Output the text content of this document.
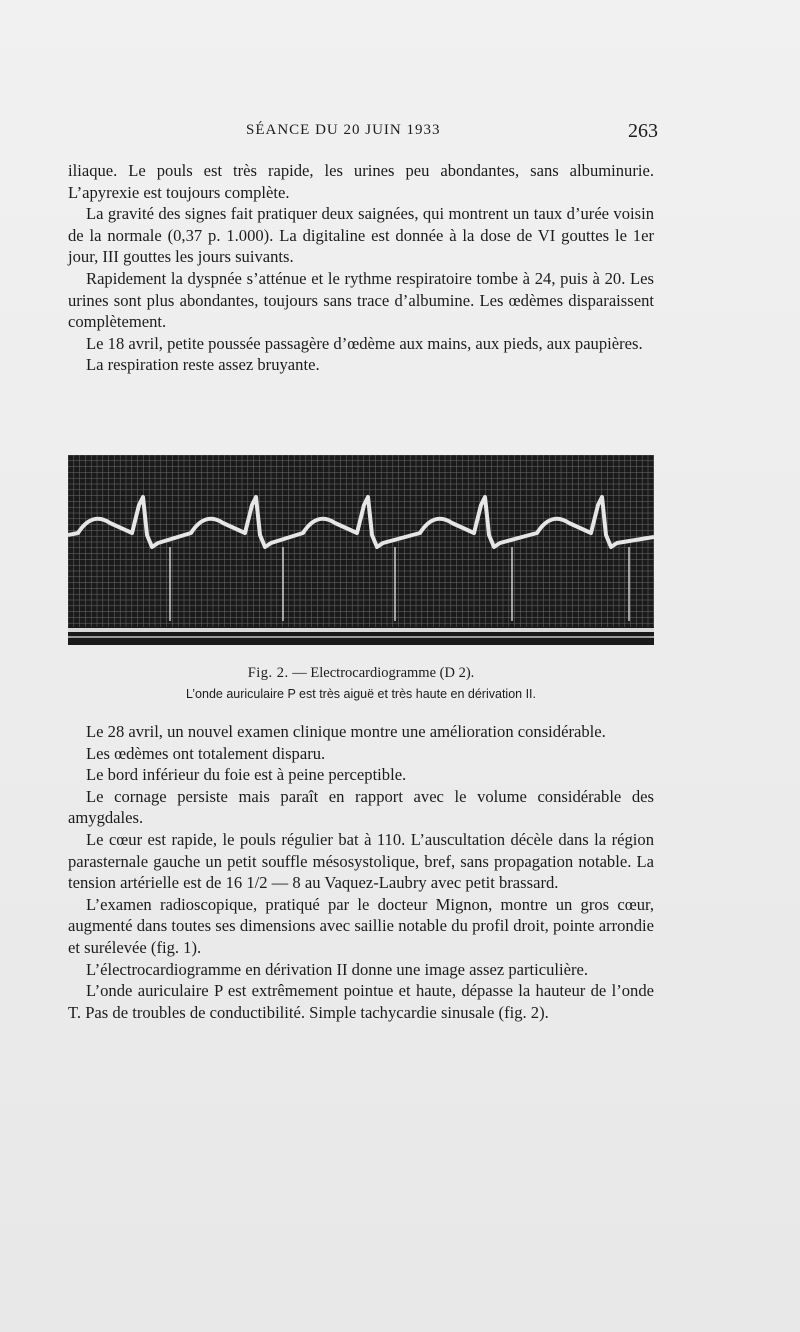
SÉANCE DU 20 JUIN 1933	263

iliaque. Le pouls est très rapide, les urines peu abondantes, sans albuminurie. L’apyrexie est toujours complète.

La gravité des signes fait pratiquer deux saignées, qui montrent un taux d’urée voisin de la normale (0,37 p. 1.000). La digitaline est donnée à la dose de VI gouttes le 1er jour, III gouttes les jours suivants.

Rapidement la dyspnée s’atténue et le rythme respiratoire tombe à 24, puis à 20. Les urines sont plus abondantes, toujours sans trace d’albumine. Les œdèmes disparaissent complètement.

Le 18 avril, petite poussée passagère d’œdème aux mains, aux pieds, aux paupières.

La respiration reste assez bruyante.

Fig. 2. — Electrocardiogramme (D 2).
L’onde auriculaire P est très aiguë et très haute en dérivation II.

Le 28 avril, un nouvel examen clinique montre une amélioration considérable.

Les œdèmes ont totalement disparu.

Le bord inférieur du foie est à peine perceptible.

Le cornage persiste mais paraît en rapport avec le volume considérable des amygdales.

Le cœur est rapide, le pouls régulier bat à 110. L’auscultation décèle dans la région parasternale gauche un petit souffle mésosystolique, bref, sans propagation notable. La tension artérielle est de 16 1/2 — 8 au Vaquez-Laubry avec petit brassard.

L’examen radioscopique, pratiqué par le docteur Mignon, montre un gros cœur, augmenté dans toutes ses dimensions avec saillie notable du profil droit, pointe arrondie et surélevée (fig. 1).

L’électrocardiogramme en dérivation II donne une image assez particulière.

L’onde auriculaire P est extrêmement pointue et haute, dépasse la hauteur de l’onde T. Pas de troubles de conductibilité. Simple tachycardie sinusale (fig. 2).
